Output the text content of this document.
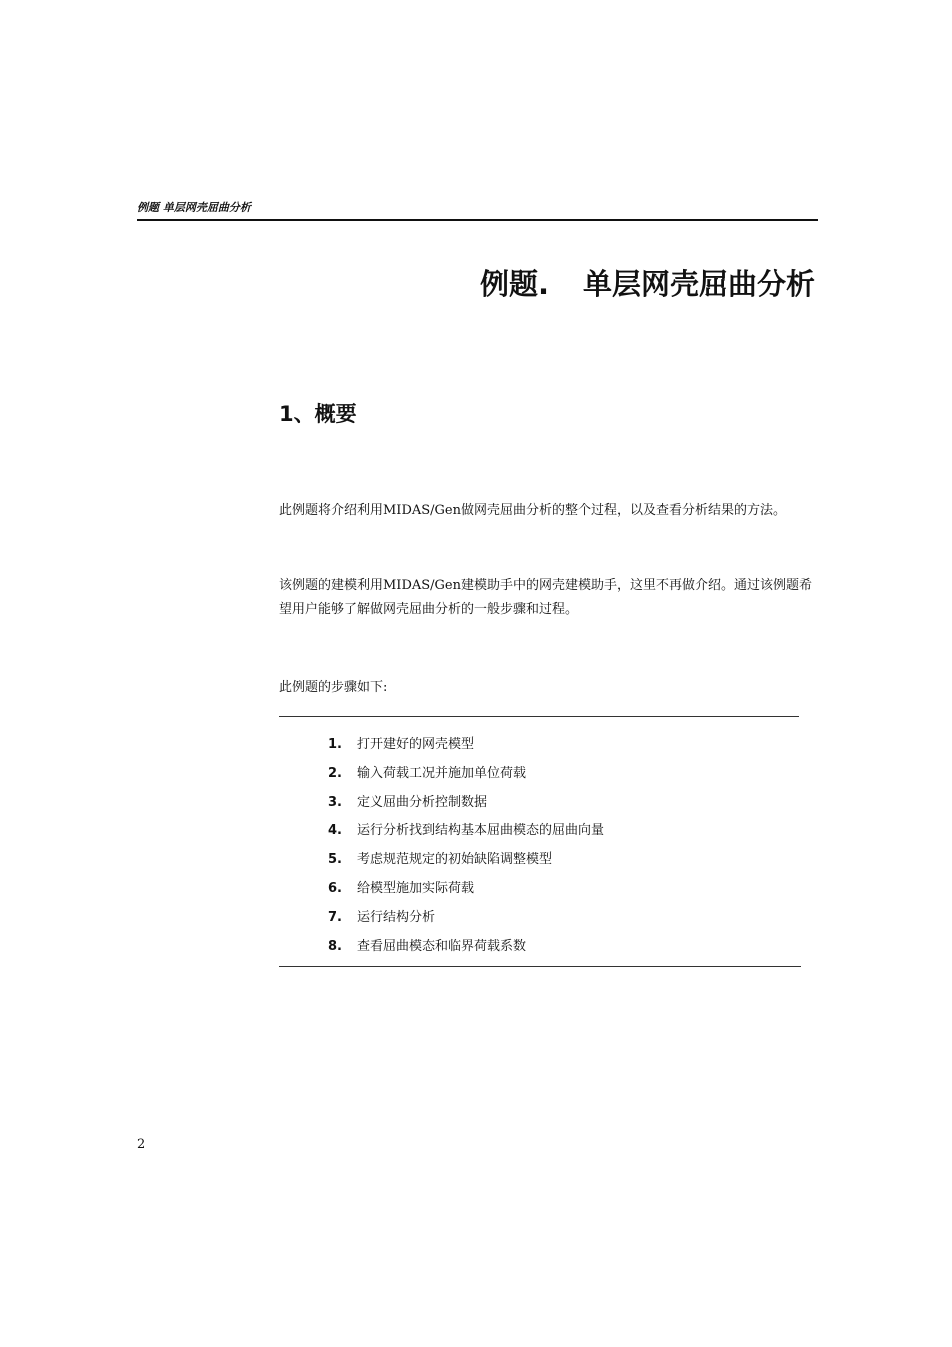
例题 单层网壳屈曲分析
例题. 单层网壳屈曲分析
1、概要
此例题将介绍利用MIDAS/Gen做网壳屈曲分析的整个过程，以及查看分析结果的方法。
该例题的建模利用MIDAS/Gen建模助手中的网壳建模助手，这里不再做介绍。通过该例题希望用户能够了解做网壳屈曲分析的一般步骤和过程。
此例题的步骤如下:
1. 打开建好的网壳模型
2. 输入荷载工况并施加单位荷载
3. 定义屈曲分析控制数据
4. 运行分析找到结构基本屈曲模态的屈曲向量
5. 考虑规范规定的初始缺陷调整模型
6. 给模型施加实际荷载
7. 运行结构分析
8. 查看屈曲模态和临界荷载系数
2
